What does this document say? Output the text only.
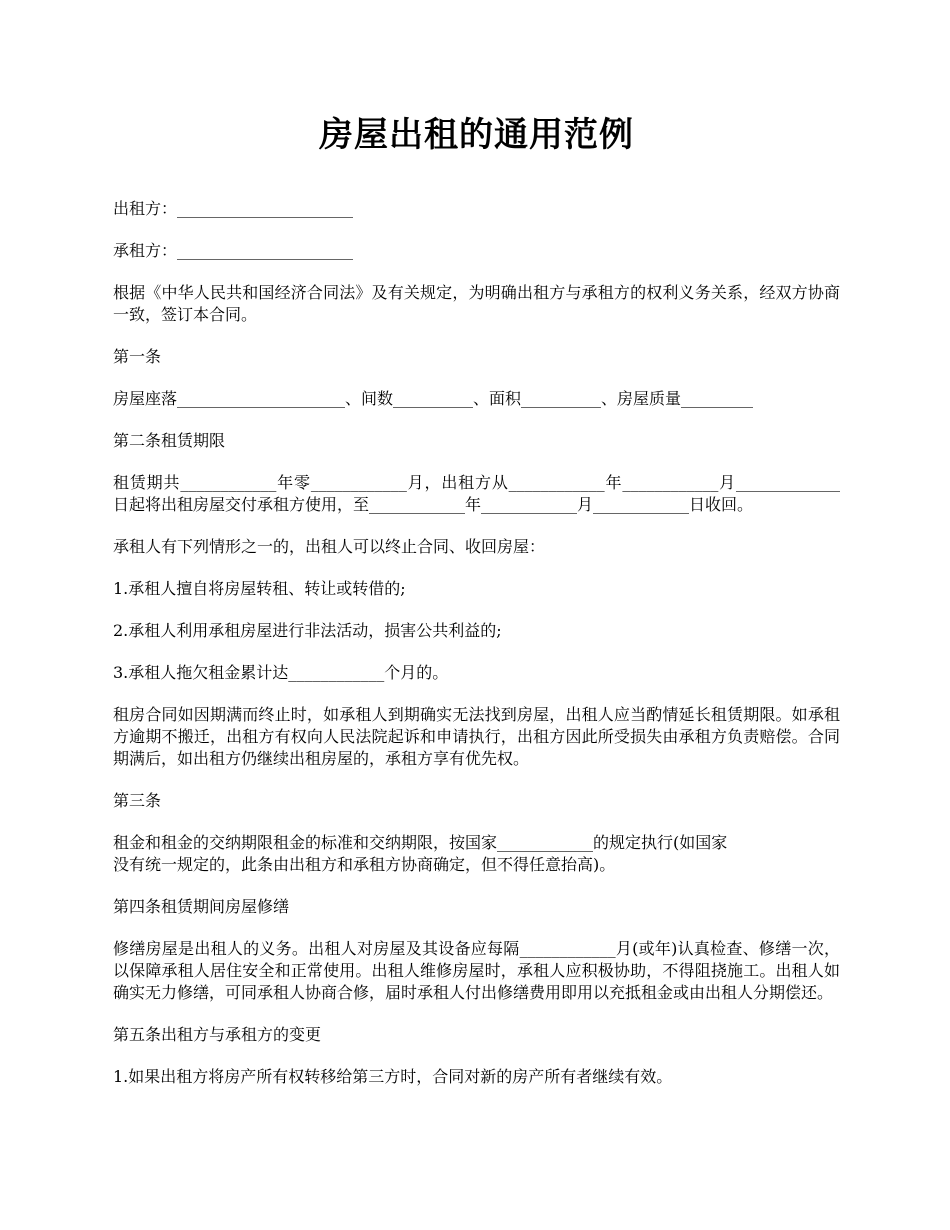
房屋出租的通用范例

出租方：______________________

承租方：______________________

根据《中华人民共和国经济合同法》及有关规定，为明确出租方与承租方的权利义务关系，经双方协商一致，签订本合同。

第一条

房屋座落_____________________、间数__________、面积__________、房屋质量_________

第二条租赁期限

租赁期共____________年零____________月，出租方从____________年____________月_____________日起将出租房屋交付承租方使用，至____________年____________月____________日收回。

承租人有下列情形之一的，出租人可以终止合同、收回房屋：

1.承租人擅自将房屋转租、转让或转借的;

2.承租人利用承租房屋进行非法活动，损害公共利益的;

3.承租人拖欠租金累计达____________个月的。

租房合同如因期满而终止时，如承租人到期确实无法找到房屋，出租人应当酌情延长租赁期限。如承租方逾期不搬迁，出租方有权向人民法院起诉和申请执行，出租方因此所受损失由承租方负责赔偿。合同期满后，如出租方仍继续出租房屋的，承租方享有优先权。

第三条

租金和租金的交纳期限租金的标准和交纳期限，按国家____________的规定执行(如国家
没有统一规定的，此条由出租方和承租方协商确定，但不得任意抬高)。

第四条租赁期间房屋修缮

修缮房屋是出租人的义务。出租人对房屋及其设备应每隔____________月(或年)认真检查、修缮一次，以保障承租人居住安全和正常使用。出租人维修房屋时，承租人应积极协助，不得阻挠施工。出租人如确实无力修缮，可同承租人协商合修，届时承租人付出修缮费用即用以充抵租金或由出租人分期偿还。

第五条出租方与承租方的变更

1.如果出租方将房产所有权转移给第三方时，合同对新的房产所有者继续有效。
